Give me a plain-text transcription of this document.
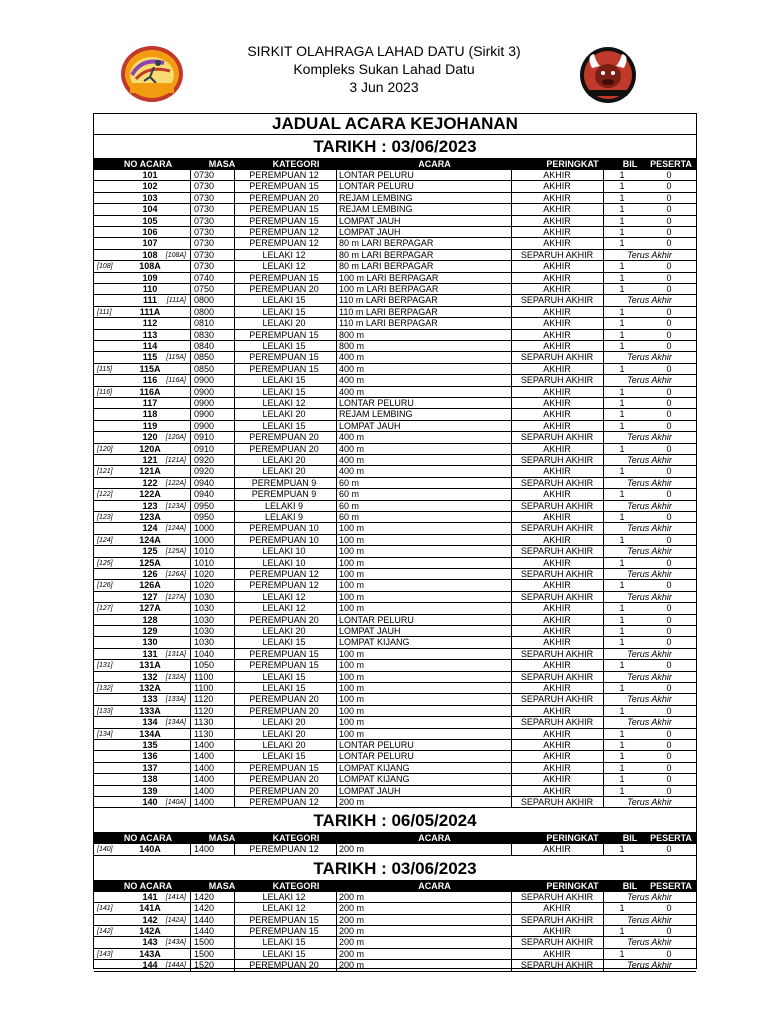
SIRKIT OLAHRAGA LAHAD DATU (Sirkit 3)
Kompleks Sukan Lahad Datu
3 Jun 2023
JADUAL ACARA KEJOHANAN
TARIKH : 03/06/2023
NO ACARA	MASA	KATEGORI	ACARA	PERINGKAT	BIL	PESERTA
101	0730	PEREMPUAN 12	LONTAR PELURU	AKHIR	1	0
102	0730	PEREMPUAN 15	LONTAR PELURU	AKHIR	1	0
103	0730	PEREMPUAN 20	REJAM LEMBING	AKHIR	1	0
104	0730	PEREMPUAN 15	REJAM LEMBING	AKHIR	1	0
105	0730	PEREMPUAN 15	LOMPAT JAUH	AKHIR	1	0
106	0730	PEREMPUAN 12	LOMPAT JAUH	AKHIR	1	0
107	0730	PEREMPUAN 12	80 m LARI BERPAGAR	AKHIR	1	0
108	[108A] 0730	LELAKI 12	80 m LARI BERPAGAR	SEPARUH AKHIR	Terus Akhir
[108]	108A	0730	LELAKI 12	80 m LARI BERPAGAR	AKHIR	1	0
109	0740	PEREMPUAN 15	100 m LARI BERPAGAR	AKHIR	1	0
110	0750	PEREMPUAN 20	100 m LARI BERPAGAR	AKHIR	1	0
111	[111A] 0800	LELAKI 15	110 m LARI BERPAGAR	SEPARUH AKHIR	Terus Akhir
[111]	111A	0800	LELAKI 15	110 m LARI BERPAGAR	AKHIR	1	0
112	0810	LELAKI 20	110 m LARI BERPAGAR	AKHIR	1	0
113	0830	PEREMPUAN 15	800 m	AKHIR	1	0
114	0840	LELAKI 15	800 m	AKHIR	1	0
115	[115A] 0850	PEREMPUAN 15	400 m	SEPARUH AKHIR	Terus Akhir
[115]	115A	0850	PEREMPUAN 15	400 m	AKHIR	1	0
116	[116A] 0900	LELAKI 15	400 m	SEPARUH AKHIR	Terus Akhir
[116]	116A	0900	LELAKI 15	400 m	AKHIR	1	0
117	0900	LELAKI 12	LONTAR PELURU	AKHIR	1	0
118	0900	LELAKI 20	REJAM LEMBING	AKHIR	1	0
119	0900	LELAKI 15	LOMPAT JAUH	AKHIR	1	0
120	[120A] 0910	PEREMPUAN 20	400 m	SEPARUH AKHIR	Terus Akhir
[120]	120A	0910	PEREMPUAN 20	400 m	AKHIR	1	0
121	[121A] 0920	LELAKI 20	400 m	SEPARUH AKHIR	Terus Akhir
[121]	121A	0920	LELAKI 20	400 m	AKHIR	1	0
122	[122A] 0940	PEREMPUAN 9	60 m	SEPARUH AKHIR	Terus Akhir
[122]	122A	0940	PEREMPUAN 9	60 m	AKHIR	1	0
123	[123A] 0950	LELAKI 9	60 m	SEPARUH AKHIR	Terus Akhir
[123]	123A	0950	LELAKI 9	60 m	AKHIR	1	0
124	[124A] 1000	PEREMPUAN 10	100 m	SEPARUH AKHIR	Terus Akhir
[124]	124A	1000	PEREMPUAN 10	100 m	AKHIR	1	0
125	[125A] 1010	LELAKI 10	100 m	SEPARUH AKHIR	Terus Akhir
[125]	125A	1010	LELAKI 10	100 m	AKHIR	1	0
126	[126A] 1020	PEREMPUAN 12	100 m	SEPARUH AKHIR	Terus Akhir
[126]	126A	1020	PEREMPUAN 12	100 m	AKHIR	1	0
127	[127A] 1030	LELAKI 12	100 m	SEPARUH AKHIR	Terus Akhir
[127]	127A	1030	LELAKI 12	100 m	AKHIR	1	0
128	1030	PEREMPUAN 20	LONTAR PELURU	AKHIR	1	0
129	1030	LELAKI 20	LOMPAT JAUH	AKHIR	1	0
130	1030	LELAKI 15	LOMPAT KIJANG	AKHIR	1	0
131	[131A] 1040	PEREMPUAN 15	100 m	SEPARUH AKHIR	Terus Akhir
[131]	131A	1050	PEREMPUAN 15	100 m	AKHIR	1	0
132	[132A] 1100	LELAKI 15	100 m	SEPARUH AKHIR	Terus Akhir
[132]	132A	1100	LELAKI 15	100 m	AKHIR	1	0
133	[133A] 1120	PEREMPUAN 20	100 m	SEPARUH AKHIR	Terus Akhir
[133]	133A	1120	PEREMPUAN 20	100 m	AKHIR	1	0
134	[134A] 1130	LELAKI 20	100 m	SEPARUH AKHIR	Terus Akhir
[134]	134A	1130	LELAKI 20	100 m	AKHIR	1	0
135	1400	LELAKI 20	LONTAR PELURU	AKHIR	1	0
136	1400	LELAKI 15	LONTAR PELURU	AKHIR	1	0
137	1400	PEREMPUAN 15	LOMPAT KIJANG	AKHIR	1	0
138	1400	PEREMPUAN 20	LOMPAT KIJANG	AKHIR	1	0
139	1400	PEREMPUAN 20	LOMPAT JAUH	AKHIR	1	0
140	[140A] 1400	PEREMPUAN 12	200 m	SEPARUH AKHIR	Terus Akhir
TARIKH : 06/05/2024
NO ACARA	MASA	KATEGORI	ACARA	PERINGKAT	BIL	PESERTA
[140]	140A	1400	PEREMPUAN 12	200 m	AKHIR	1	0
TARIKH : 03/06/2023
NO ACARA	MASA	KATEGORI	ACARA	PERINGKAT	BIL	PESERTA
141	[141A] 1420	LELAKI 12	200 m	SEPARUH AKHIR	Terus Akhir
[141]	141A	1420	LELAKI 12	200 m	AKHIR	1	0
142	[142A] 1440	PEREMPUAN 15	200 m	SEPARUH AKHIR	Terus Akhir
[142]	142A	1440	PEREMPUAN 15	200 m	AKHIR	1	0
143	[143A] 1500	LELAKI 15	200 m	SEPARUH AKHIR	Terus Akhir
[143]	143A	1500	LELAKI 15	200 m	AKHIR	1	0
144	[144A] 1520	PEREMPUAN 20	200 m	SEPARUH AKHIR	Terus Akhir
